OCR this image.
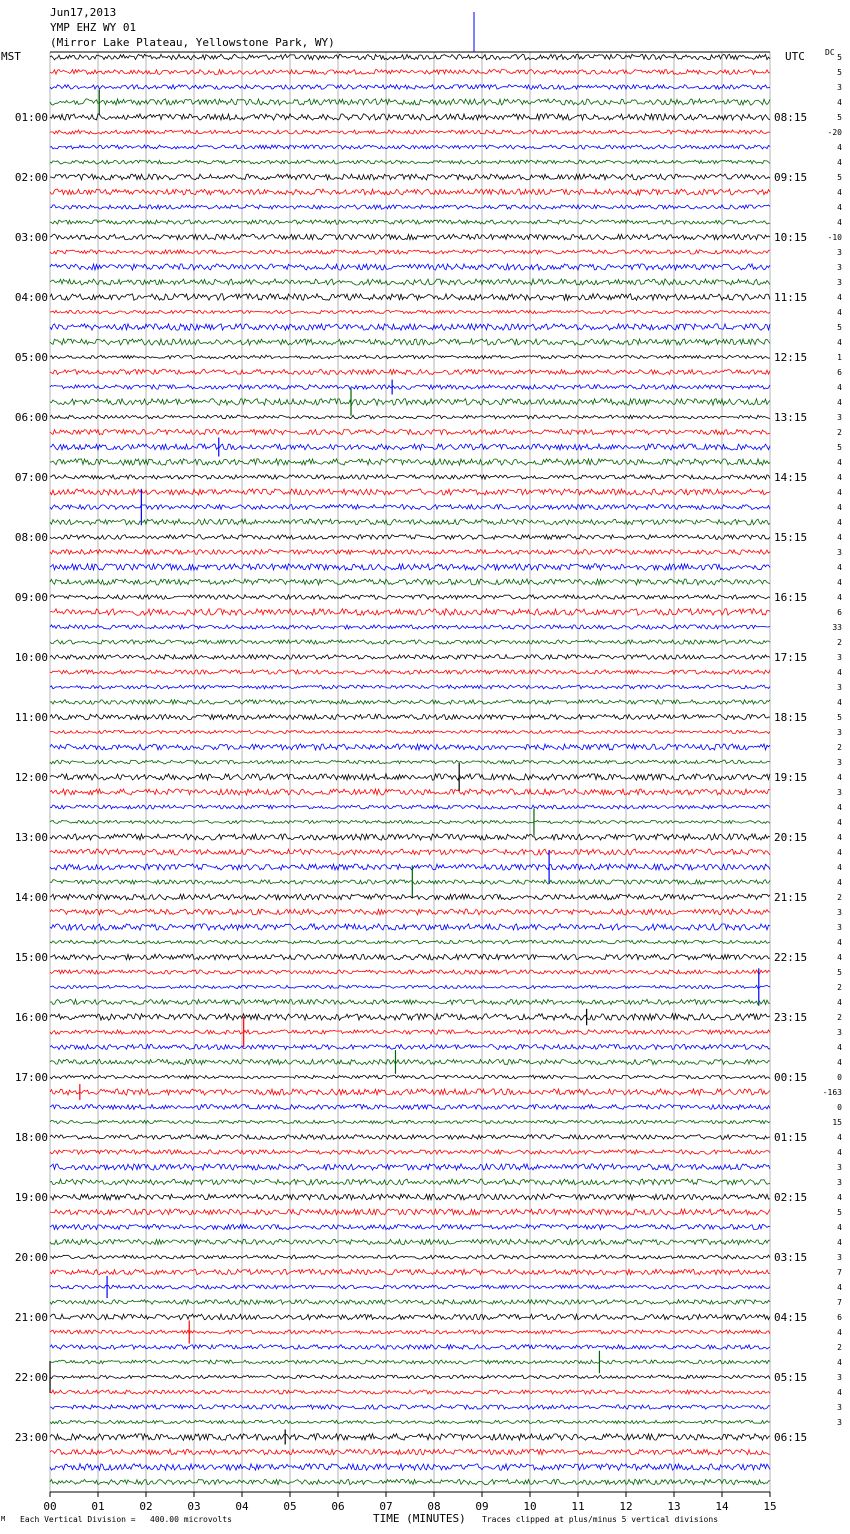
Jun17,2013
YMP EHZ WY 01
(Mirror Lake Plateau, Yellowstone Park, WY)
MST	UTC	DC
00	01	02	03	04	05	06	07	08	09	10	11	12	13	14	15
5
5
3
4
5
-20
4
4
5
4
4
4
-10
3
3
3
4
4
5
4
1
6
4
4
3
2
5
4
4
4
4
4
4
3
4
4
4
6
33
2
3
4
3
4
5
3
2
3
4
3
4
4
4
4
4
4
2
3
3
4
4
5
2
4
2
3
4
4
0
-163
0
15
4
4
3
3
4
5
4
4
3
7
4
7
6
4
2
4
3
4
3
3
01:00
02:00
03:00
04:00
05:00
06:00
07:00
08:00
09:00
10:00
11:00
12:00
13:00
14:00
15:00
16:00
17:00
18:00
19:00
20:00
21:00
22:00
23:00
08:15
09:15
10:15
11:15
12:15
13:15
14:15
15:15
16:15
17:15
18:15
19:15
20:15
21:15
22:15
23:15
00:15
01:15
02:15
03:15
04:15
05:15
06:15
M Each Vertical Division =   400.00 microvolts	TIME (MINUTES) Traces clipped at plus/minus 5 vertical divisions
